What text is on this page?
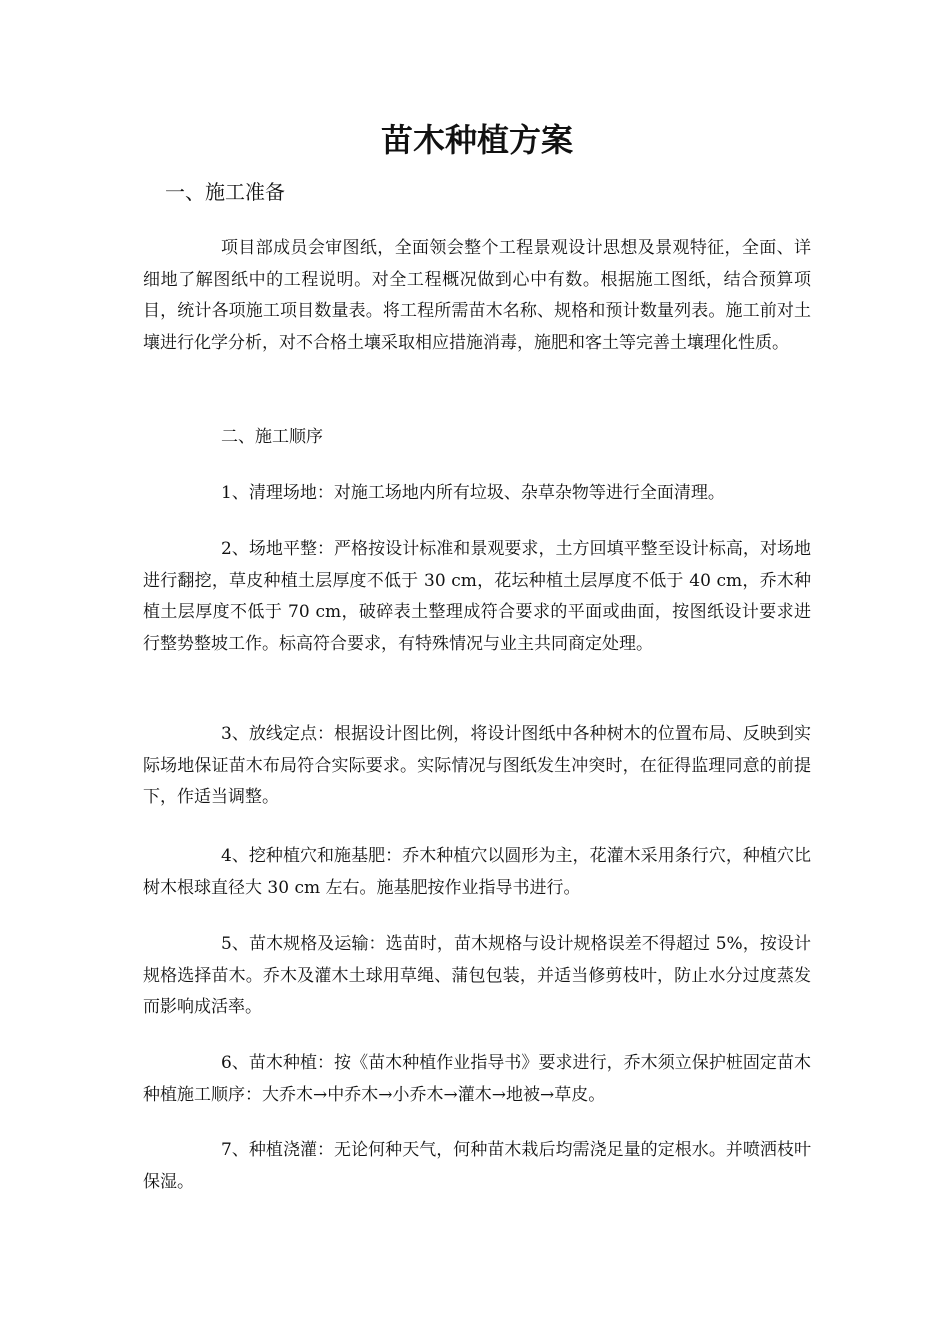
苗木种植方案
一、施工准备

项目部成员会审图纸，全面领会整个工程景观设计思想及景观特征，全面、详细地了解图纸中的工程说明。对全工程概况做到心中有数。根据施工图纸，结合预算项目，统计各项施工项目数量表。将工程所需苗木名称、规格和预计数量列表。施工前对土壤进行化学分析，对不合格土壤采取相应措施消毒，施肥和客土等完善土壤理化性质。

二、施工顺序

1、清理场地：对施工场地内所有垃圾、杂草杂物等进行全面清理。

2、场地平整：严格按设计标准和景观要求，土方回填平整至设计标高，对场地进行翻挖，草皮种植土层厚度不低于 30 cm，花坛种植土层厚度不低于 40 cm，乔木种植土层厚度不低于 70 cm，破碎表土整理成符合要求的平面或曲面，按图纸设计要求进行整势整坡工作。标高符合要求，有特殊情况与业主共同商定处理。

3、放线定点：根据设计图比例，将设计图纸中各种树木的位置布局、反映到实际场地保证苗木布局符合实际要求。实际情况与图纸发生冲突时，在征得监理同意的前提下，作适当调整。

4、挖种植穴和施基肥：乔木种植穴以圆形为主，花灌木采用条行穴，种植穴比树木根球直径大 30 cm 左右。施基肥按作业指导书进行。

5、苗木规格及运输：选苗时，苗木规格与设计规格误差不得超过 5%，按设计规格选择苗木。乔木及灌木土球用草绳、蒲包包装，并适当修剪枝叶，防止水分过度蒸发而影响成活率。

6、苗木种植：按《苗木种植作业指导书》要求进行，乔木须立保护桩固定苗木种植施工顺序：大乔木→中乔木→小乔木→灌木→地被→草皮。

7、种植浇灌：无论何种天气，何种苗木栽后均需浇足量的定根水。并喷洒枝叶保湿。
